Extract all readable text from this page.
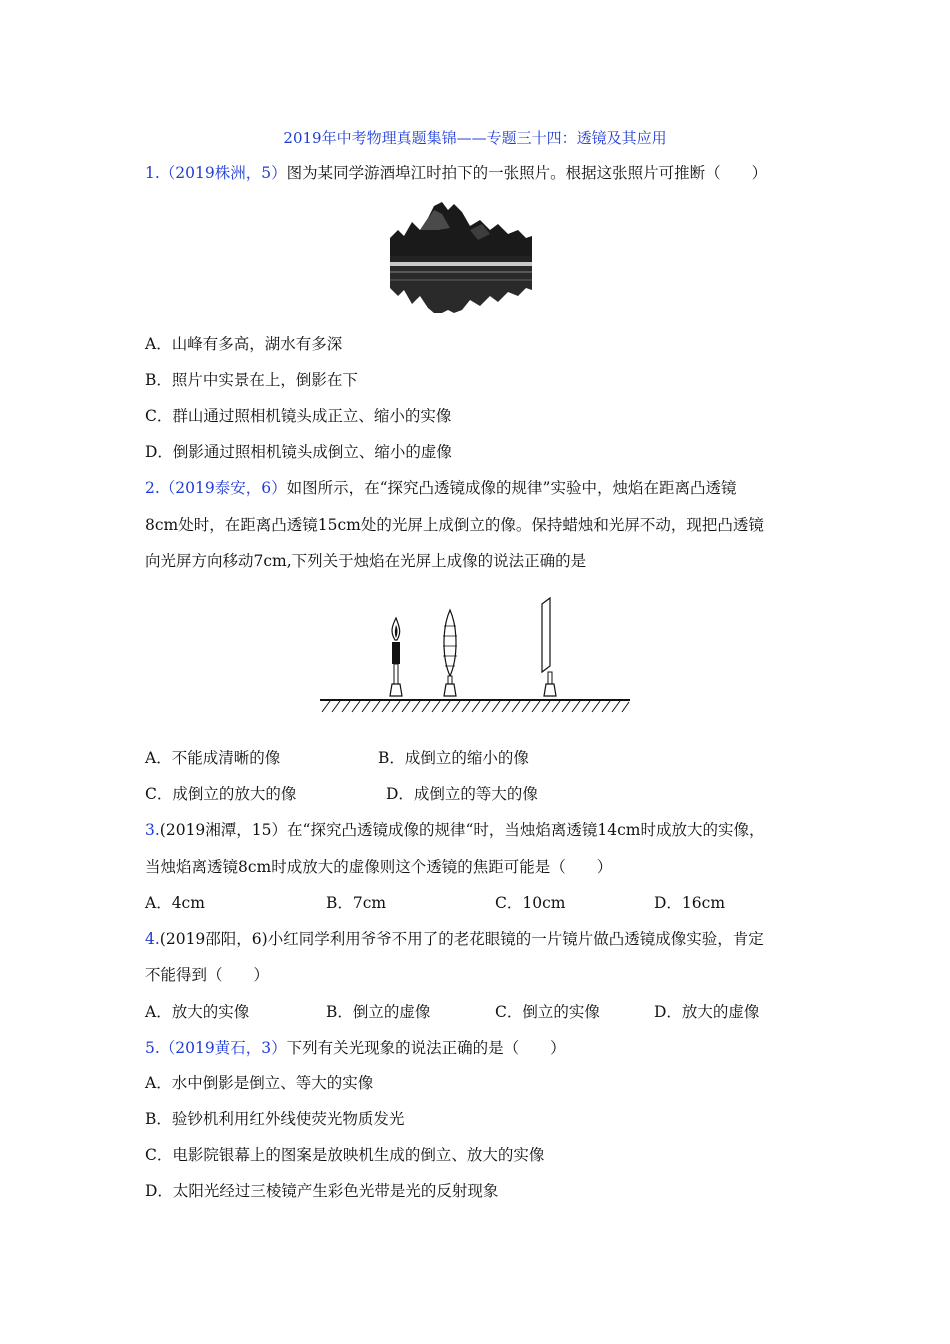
2019年中考物理真题集锦——专题三十四：透镜及其应用
1.（2019株洲，5）图为某同学游酒埠江时拍下的一张照片。根据这张照片可推断（　　）
A．山峰有多高，湖水有多深
B．照片中实景在上，倒影在下
C．群山通过照相机镜头成正立、缩小的实像
D．倒影通过照相机镜头成倒立、缩小的虚像
2.（2019泰安，6）如图所示，在“探究凸透镜成像的规律”实验中，烛焰在距离凸透镜
8cm处时，在距离凸透镜15cm处的光屏上成倒立的像。保持蜡烛和光屏不动，现把凸透镜
向光屏方向移动7cm,下列关于烛焰在光屏上成像的说法正确的是
A．不能成清晰的像	B．成倒立的缩小的像
C．成倒立的放大的像	D．成倒立的等大的像
3.(2019湘潭，15）在“探究凸透镜成像的规律“时，当烛焰离透镜14cm时成放大的实像，
当烛焰离透镜8cm时成放大的虚像则这个透镜的焦距可能是（　　）
A．4cm	B．7cm	C．10cm	D．16cm
4.(2019邵阳，6)小红同学利用爷爷不用了的老花眼镜的一片镜片做凸透镜成像实验，肯定
不能得到（　　）
A．放大的实像	B．倒立的虚像	C．倒立的实像	D．放大的虚像
5.（2019黄石，3）下列有关光现象的说法正确的是（　　）
A．水中倒影是倒立、等大的实像
B．验钞机利用红外线使荧光物质发光
C．电影院银幕上的图案是放映机生成的倒立、放大的实像
D．太阳光经过三棱镜产生彩色光带是光的反射现象
